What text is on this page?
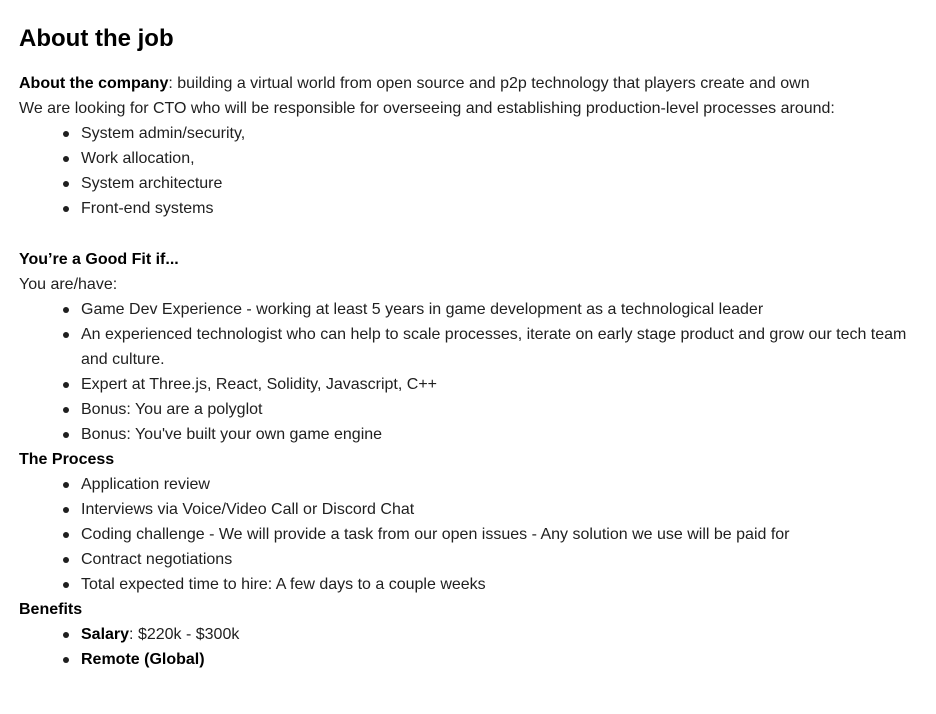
About the job

About the company: building a virtual world from open source and p2p technology that players create and own

We are looking for CTO who will be responsible for overseeing and establishing production-level processes around:

System admin/security,
Work allocation,
System architecture
Front-end systems

You’re a Good Fit if...

You are/have:

Game Dev Experience - working at least 5 years in game development as a technological leader
An experienced technologist who can help to scale processes, iterate on early stage product and grow our tech team and culture.
Expert at Three.js, React, Solidity, Javascript, C++
Bonus: You are a polyglot
Bonus: You've built your own game engine

The Process

Application review
Interviews via Voice/Video Call or Discord Chat
Coding challenge - We will provide a task from our open issues - Any solution we use will be paid for
Contract negotiations
Total expected time to hire: A few days to a couple weeks

Benefits

Salary: $220k - $300k
Remote (Global)
